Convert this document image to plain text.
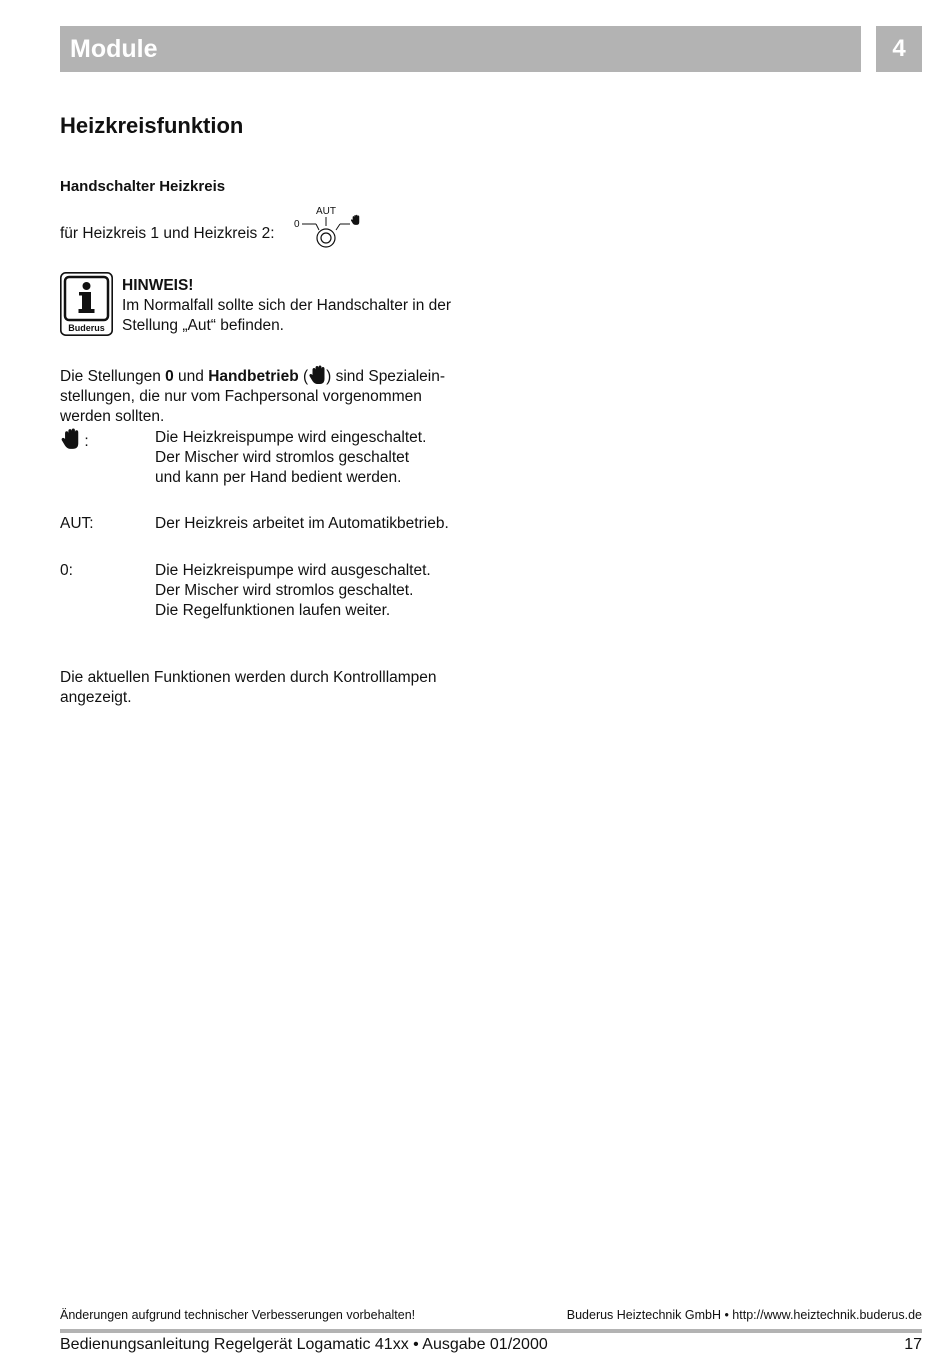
Module	4
Heizkreisfunktion
Handschalter Heizkreis
für Heizkreis 1 und Heizkreis 2:
0
AUT
Buderus
HINWEIS!
Im Normalfall sollte sich der Handschalter in der
Stellung „Aut“ befinden.
Die Stellungen 0 und Handbetrieb ( ) sind Spezialein-
stellungen, die nur vom Fachpersonal vorgenommen
werden sollten.
:	Die Heizkreispumpe wird eingeschaltet.
Der Mischer wird stromlos geschaltet
und kann per Hand bedient werden.
AUT:	Der Heizkreis arbeitet im Automatikbetrieb.
0:	Die Heizkreispumpe wird ausgeschaltet.
Der Mischer wird stromlos geschaltet.
Die Regelfunktionen laufen weiter.
Die aktuellen Funktionen werden durch Kontrolllampen
angezeigt.
Änderungen aufgrund technischer Verbesserungen vorbehalten!	Buderus Heiztechnik GmbH • http://www.heiztechnik.buderus.de
Bedienungsanleitung Regelgerät Logamatic 41xx • Ausgabe 01/2000	17
